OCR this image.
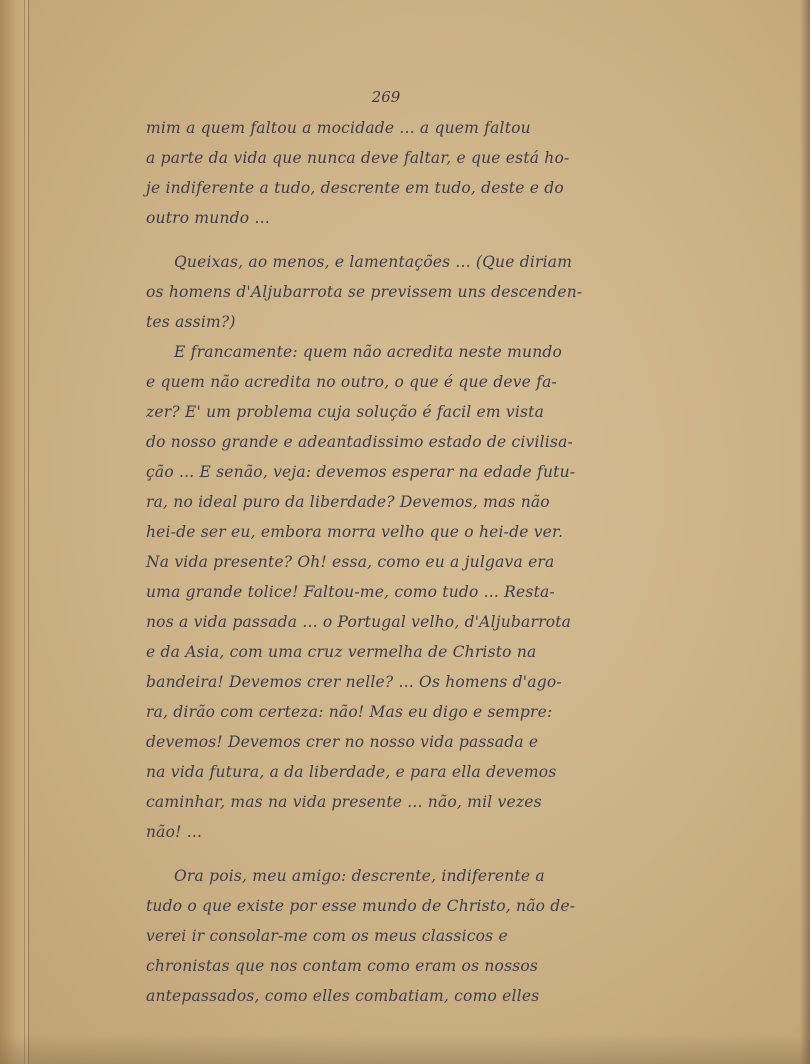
269
mim a quem faltou a mocidade ... a quem faltou
a parte da vida que nunca deve faltar, e que está ho-
je indiferente a tudo, descrente em tudo, deste e do
outro mundo ...
Queixas, ao menos, e lamentações ... (Que diriam
os homens d'Aljubarrota se previssem uns descenden-
tes assim?)
E francamente: quem não acredita neste mundo
e quem não acredita no outro, o que é que deve fa-
zer? E' um problema cuja solução é facil em vista
do nosso grande e adeantadissimo estado de civilisa-
ção ... E senão, veja: devemos esperar na edade futu-
ra, no ideal puro da liberdade? Devemos, mas não
hei-de ser eu, embora morra velho que o hei-de ver.
Na vida presente? Oh! essa, como eu a julgava era
uma grande tolice! Faltou-me, como tudo ... Resta-
nos a vida passada ... o Portugal velho, d'Aljubarrota
e da Asia, com uma cruz vermelha de Christo na
bandeira! Devemos crer nelle? ... Os homens d'ago-
ra, dirão com certeza: não! Mas eu digo e sempre:
devemos! Devemos crer no nosso vida passada e
na vida futura, a da liberdade, e para ella devemos
caminhar, mas na vida presente ... não, mil vezes
não! ...
Ora pois, meu amigo: descrente, indiferente a
tudo o que existe por esse mundo de Christo, não de-
verei ir consolar-me com os meus classicos e
chronistas que nos contam como eram os nossos
antepassados, como elles combatiam, como elles
